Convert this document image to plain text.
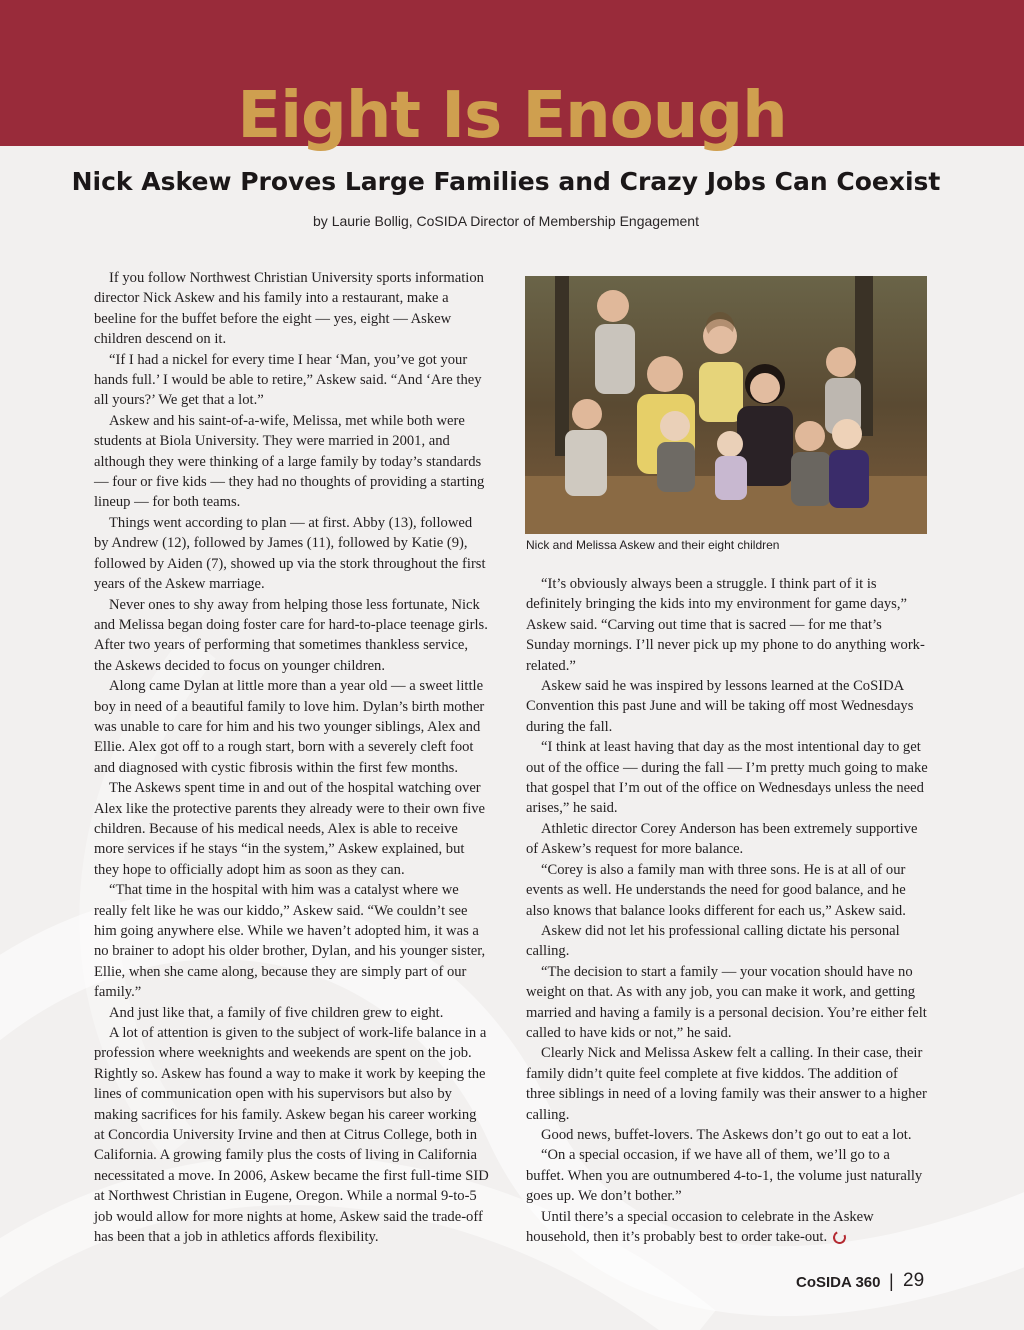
Eight Is Enough
Nick Askew Proves Large Families and Crazy Jobs Can Coexist
by Laurie Bollig, CoSIDA Director of Membership Engagement

If you follow Northwest Christian University sports information director Nick Askew and his family into a restaurant, make a beeline for the buffet before the eight — yes, eight — Askew children descend on it.

“If I had a nickel for every time I hear ‘Man, you’ve got your hands full.’ I would be able to retire,” Askew said. “And ‘Are they all yours?’ We get that a lot.”

Askew and his saint-of-a-wife, Melissa, met while both were students at Biola University. They were married in 2001, and although they were thinking of a large family by today’s standards — four or five kids — they had no thoughts of providing a starting lineup — for both teams.

Things went according to plan — at first. Abby (13), followed by Andrew (12), followed by James (11), followed by Katie (9), followed by Aiden (7), showed up via the stork throughout the first years of the Askew marriage.

Never ones to shy away from helping those less fortunate, Nick and Melissa began doing foster care for hard-to-place teenage girls. After two years of performing that sometimes thankless service, the Askews decided to focus on younger children.

Along came Dylan at little more than a year old — a sweet little boy in need of a beautiful family to love him. Dylan’s birth mother was unable to care for him and his two younger siblings, Alex and Ellie. Alex got off to a rough start, born with a severely cleft foot and diagnosed with cystic fibrosis within the first few months.

The Askews spent time in and out of the hospital watching over Alex like the protective parents they already were to their own five children. Because of his medical needs, Alex is able to receive more services if he stays “in the system,” Askew explained, but they hope to officially adopt him as soon as they can.

“That time in the hospital with him was a catalyst where we really felt like he was our kiddo,” Askew said. “We couldn’t see him going anywhere else. While we haven’t adopted him, it was a no brainer to adopt his older brother, Dylan, and his younger sister, Ellie, when she came along, because they are simply part of our family.”

And just like that, a family of five children grew to eight.

A lot of attention is given to the subject of work-life balance in a profession where weeknights and weekends are spent on the job. Rightly so. Askew has found a way to make it work by keeping the lines of communication open with his supervisors but also by making sacrifices for his family. Askew began his career working at Concordia University Irvine and then at Citrus College, both in California. A growing family plus the costs of living in California necessitated a move. In 2006, Askew became the first full-time SID at Northwest Christian in Eugene, Oregon. While a normal 9-to-5 job would allow for more nights at home, Askew said the trade-off has been that a job in athletics affords flexibility.

Nick and Melissa Askew and their eight children

“It’s obviously always been a struggle. I think part of it is definitely bringing the kids into my environment for game days,” Askew said. “Carving out time that is sacred — for me that’s Sunday mornings. I’ll never pick up my phone to do anything work-related.”

Askew said he was inspired by lessons learned at the CoSIDA Convention this past June and will be taking off most Wednesdays during the fall.

“I think at least having that day as the most intentional day to get out of the office — during the fall — I’m pretty much going to make that gospel that I’m out of the office on Wednesdays unless the need arises,” he said.

Athletic director Corey Anderson has been extremely supportive of Askew’s request for more balance.

“Corey is also a family man with three sons. He is at all of our events as well. He understands the need for good balance, and he also knows that balance looks different for each us,” Askew said.

Askew did not let his professional calling dictate his personal calling.

“The decision to start a family — your vocation should have no weight on that. As with any job, you can make it work, and getting married and having a family is a personal decision. You’re either felt called to have kids or not,” he said.

Clearly Nick and Melissa Askew felt a calling. In their case, their family didn’t quite feel complete at five kiddos. The addition of three siblings in need of a loving family was their answer to a higher calling.

Good news, buffet-lovers. The Askews don’t go out to eat a lot.

“On a special occasion, if we have all of them, we’ll go to a buffet. When you are outnumbered 4-to-1, the volume just naturally goes up. We don’t bother.”

Until there’s a special occasion to celebrate in the Askew household, then it’s probably best to order take-out.

CoSIDA 360 | 29
